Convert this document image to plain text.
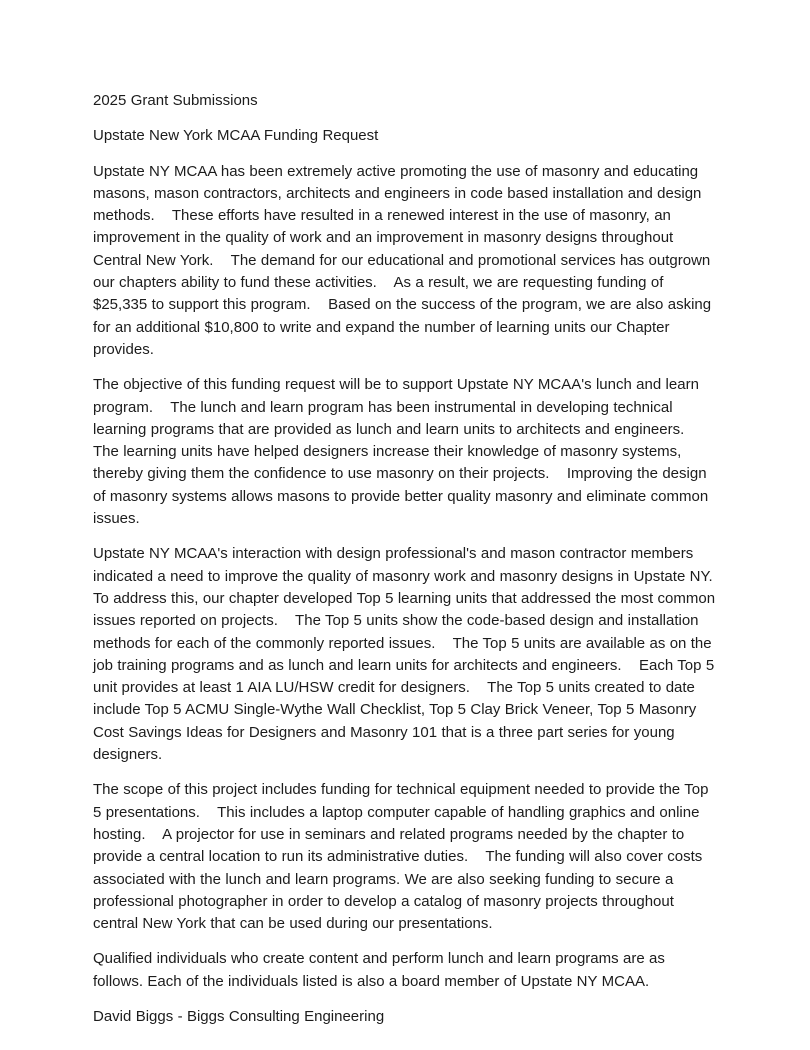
2025 Grant Submissions

Upstate New York MCAA Funding Request

Upstate NY MCAA has been extremely active promoting the use of masonry and educating masons, mason contractors, architects and engineers in code based installation and design methods.    These efforts have resulted in a renewed interest in the use of masonry, an improvement in the quality of work and an improvement in masonry designs throughout Central New York.    The demand for our educational and promotional services has outgrown our chapters ability to fund these activities.    As a result, we are requesting funding of $25,335 to support this program.    Based on the success of the program, we are also asking for an additional $10,800 to write and expand the number of learning units our Chapter provides.

The objective of this funding request will be to support Upstate NY MCAA's lunch and learn program.    The lunch and learn program has been instrumental in developing technical learning programs that are provided as lunch and learn units to architects and engineers.    The learning units have helped designers increase their knowledge of masonry systems, thereby giving them the confidence to use masonry on their projects.    Improving the design of masonry systems allows masons to provide better quality masonry and eliminate common issues.

Upstate NY MCAA's interaction with design professional's and mason contractor members indicated a need to improve the quality of masonry work and masonry designs in Upstate NY. To address this, our chapter developed Top 5 learning units that addressed the most common issues reported on projects.    The Top 5 units show the code-based design and installation methods for each of the commonly reported issues.    The Top 5 units are available as on the job training programs and as lunch and learn units for architects and engineers.    Each Top 5 unit provides at least 1 AIA LU/HSW credit for designers.    The Top 5 units created to date include Top 5 ACMU Single-Wythe Wall Checklist, Top 5 Clay Brick Veneer, Top 5 Masonry Cost Savings Ideas for Designers and Masonry 101 that is a three part series for young designers.

The scope of this project includes funding for technical equipment needed to provide the Top 5 presentations.    This includes a laptop computer capable of handling graphics and online hosting.    A projector for use in seminars and related programs needed by the chapter to provide a central location to run its administrative duties.    The funding will also cover costs associated with the lunch and learn programs. We are also seeking funding to secure a professional photographer in order to develop a catalog of masonry projects throughout central New York that can be used during our presentations.

Qualified individuals who create content and perform lunch and learn programs are as follows. Each of the individuals listed is also a board member of Upstate NY MCAA.

David Biggs - Biggs Consulting Engineering
